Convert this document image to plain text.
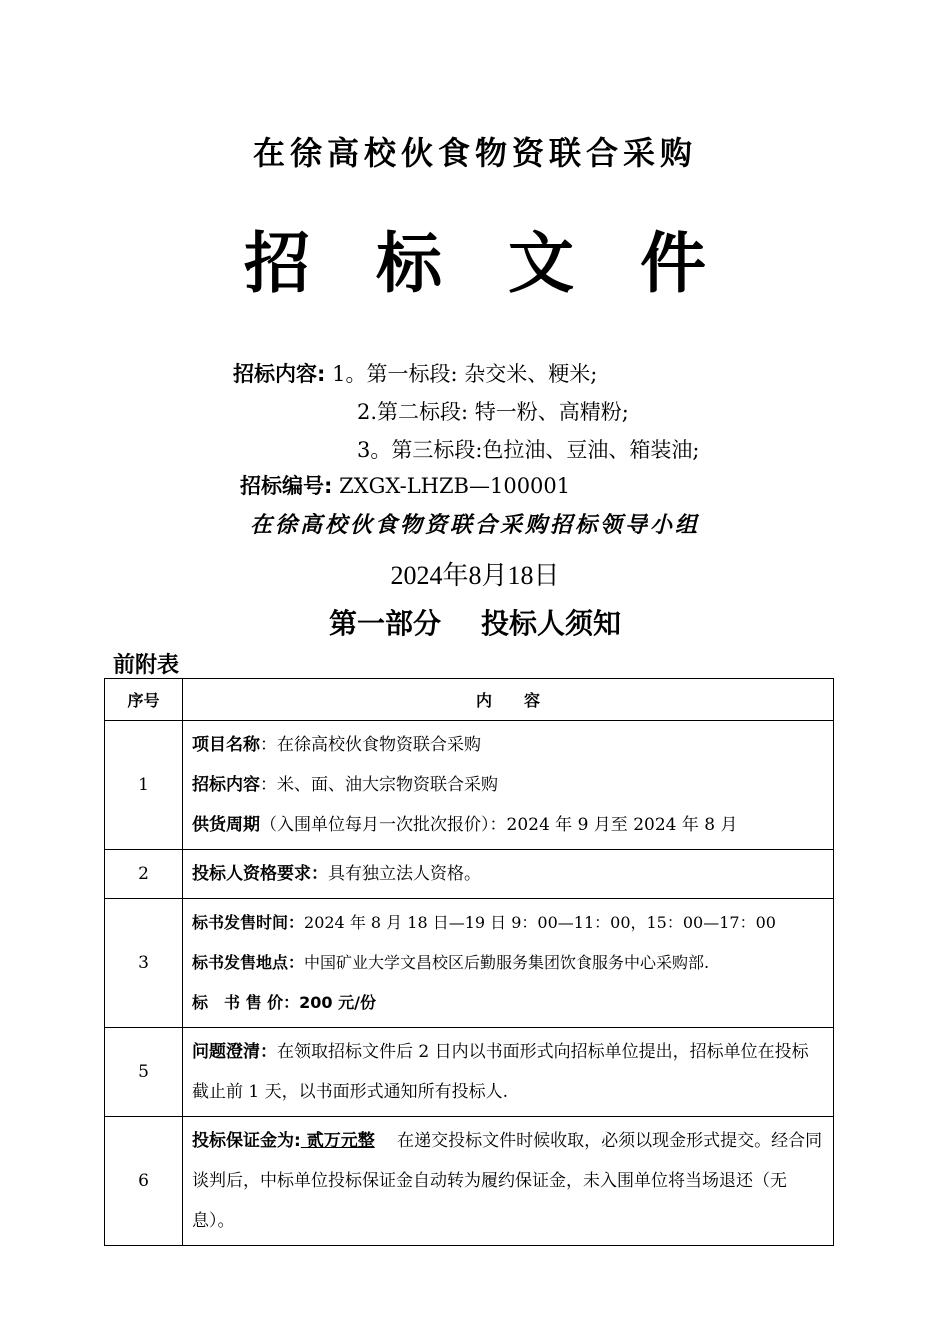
在徐高校伙食物资联合采购
招 标 文 件
招标内容: 1。第一标段: 杂交米、粳米;
2.第二标段: 特一粉、高精粉;
3。第三标段:色拉油、豆油、箱装油;
招标编号: ZXGX-LHZB—100001
在徐高校伙食物资联合采购招标领导小组
2024年8月18日
第一部分 投标人须知
前附表
序号	内　　容
1	项目名称：在徐高校伙食物资联合采购
招标内容：米、面、油大宗物资联合采购
供货周期（入围单位每月一次批次报价）：2024 年 9 月至 2024 年 8 月

2	投标人资格要求：具有独立法人资格。

3	标书发售时间：2024 年 8 月 18 日—19 日 9：00—11：00，15：00—17：00
标书发售地点：中国矿业大学文昌校区后勤服务集团饮食服务中心采购部.
标　书 售 价：200 元/份

5	问题澄清：在领取招标文件后 2 日内以书面形式向招标单位提出，招标单位在投标截止前 1 天，以书面形式通知所有投标人.
6	投标保证金为: 贰万元整　 在递交投标文件时候收取，必须以现金形式提交。经合同谈判后，中标单位投标保证金自动转为履约保证金，未入围单位将当场退还（无息）。
